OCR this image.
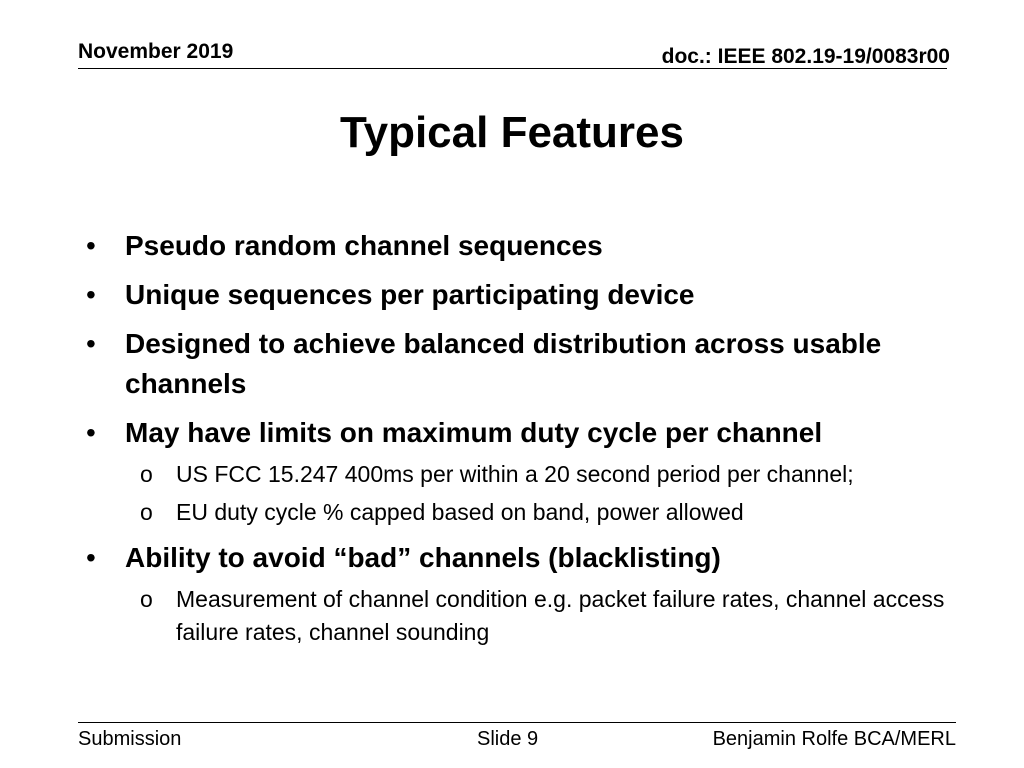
November 2019	doc.: IEEE 802.19-19/0083r00
Typical Features
• Pseudo random channel sequences
• Unique sequences per participating device
• Designed to achieve balanced distribution across usable channels
• May have limits on maximum duty cycle per channel
o US FCC 15.247 400ms per within a 20 second period per channel;
o EU duty cycle % capped based on band, power allowed
• Ability to avoid “bad” channels (blacklisting)
o Measurement of channel condition e.g. packet failure rates, channel access failure rates, channel sounding
Submission	Slide 9	Benjamin Rolfe BCA/MERL
